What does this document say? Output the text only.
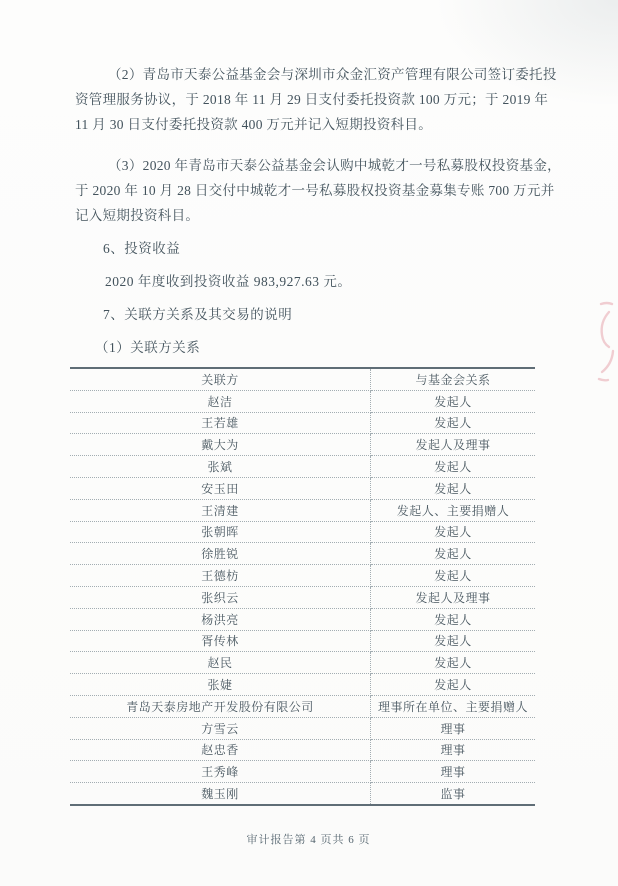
（2）青岛市天泰公益基金会与深圳市众金汇资产管理有限公司签订委托投
资管理服务协议，于 2018 年 11 月 29 日支付委托投资款 100 万元；于 2019 年
11 月 30 日支付委托投资款 400 万元并记入短期投资科目。
（3）2020 年青岛市天泰公益基金会认购中城乾才一号私募股权投资基金，
于 2020 年 10 月 28 日交付中城乾才一号私募股权投资基金募集专账 700 万元并
记入短期投资科目。
6、投资收益
2020 年度收到投资收益 983,927.63 元。
7、关联方关系及其交易的说明
（1）关联方关系
关联方	与基金会关系
赵洁	发起人
王若雄	发起人
戴大为	发起人及理事
张斌	发起人
安玉田	发起人
王清建	发起人、主要捐赠人
张朝晖	发起人
徐胜锐	发起人
王德枋	发起人
张织云	发起人及理事
杨洪亮	发起人
胥传林	发起人
赵民	发起人
张婕	发起人
青岛天泰房地产开发股份有限公司	理事所在单位、主要捐赠人
方雪云	理事
赵忠香	理事
王秀峰	理事
魏玉刚	监事
审计报告第 4 页共 6 页
